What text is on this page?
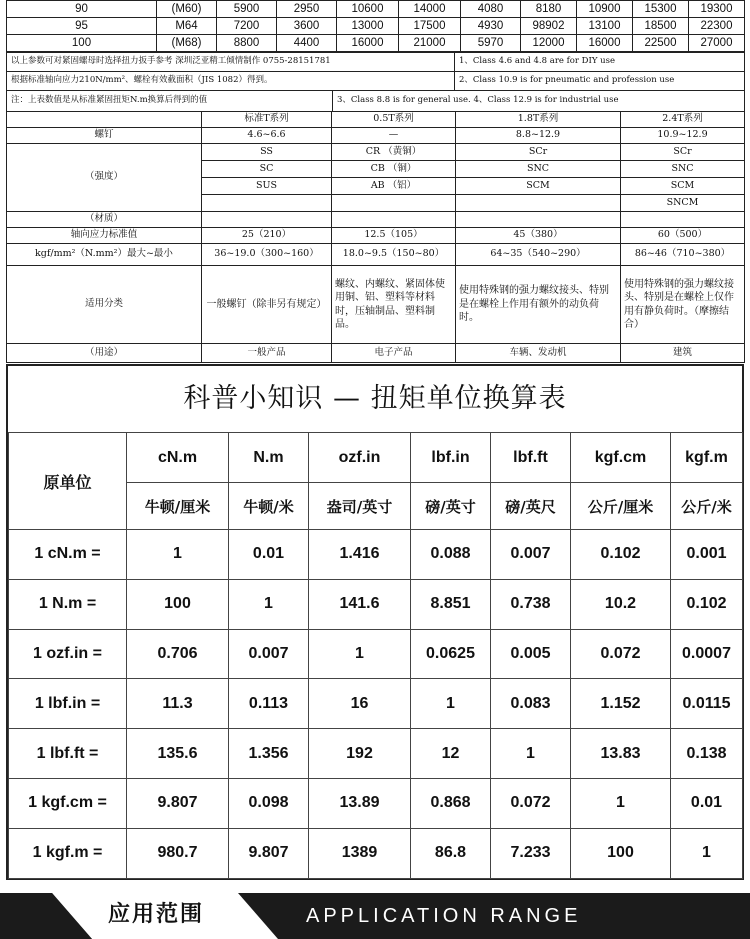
90	(M60)	5900	2950	10600	14000	4080	8180	10900	15300	19300
95	M64	7200	3600	13000	17500	4930	98902	13100	18500	22300
100	(M68)	8800	4400	16000	21000	5970	12000	16000	22500	27000
以上参数可对紧固螺母时选择扭力扳手参考 深圳泛亚精工倾情制作 0755-28151781	1、Class 4.6 and 4.8 are for DIY use
根据标准轴向应力210N/mm²、螺栓有效截面积（JIS 1082）得到。	2、Class 10.9 is for pneumatic and profession use
注：上表数值是从标准紧固扭矩N.m换算后得到的值	3、Class 8.8 is for general use. 4、Class 12.9 is for industrial use
	标准T系列	0.5T系列	1.8T系列	2.4T系列
螺钉	4.6~6.6	—	8.8~12.9	10.9~12.9
（强度）	SS	CR （黄铜）	SCr	SCr
	SC	CB （铜）	SNC	SNC
	SUS	AB （铝）	SCM	SCM
				SNCM
（材质）				
轴向应力标准值	25（210）	12.5（105）	45（380）	60（500）
kgf/mm²（N.mm²）最大~最小	36~19.0（300~160）	18.0~9.5（150~80）	64~35（540~290）	86~46（710~380）
适用分类	一般螺钉（除非另有规定）	螺纹、内螺纹、紧固体使用铜、铝、塑料等材料时，压轴制品、塑料制品。	使用特殊钢的强力螺纹接头、特别是在螺栓上作用有额外的动负荷时。	使用特殊钢的强力螺纹接头、特别是在螺栓上仅作用有静负荷时。（摩擦结合）
（用途）	一般产品	电子产品	车辆、发动机	建筑
科普小知识 — 扭矩单位换算表
原单位	cN.m	N.m	ozf.in	lbf.in	lbf.ft	kgf.cm	kgf.m
	牛顿/厘米	牛顿/米	盎司/英寸	磅/英寸	磅/英尺	公斤/厘米	公斤/米
1 cN.m =	1	0.01	1.416	0.088	0.007	0.102	0.001
1 N.m =	100	1	141.6	8.851	0.738	10.2	0.102
1 ozf.in =	0.706	0.007	1	0.0625	0.005	0.072	0.0007
1 lbf.in =	11.3	0.113	16	1	0.083	1.152	0.0115
1 lbf.ft =	135.6	1.356	192	12	1	13.83	0.138
1 kgf.cm =	9.807	0.098	13.89	0.868	0.072	1	0.01
1 kgf.m =	980.7	9.807	1389	86.8	7.233	100	1
应用范围	APPLICATION RANGE
